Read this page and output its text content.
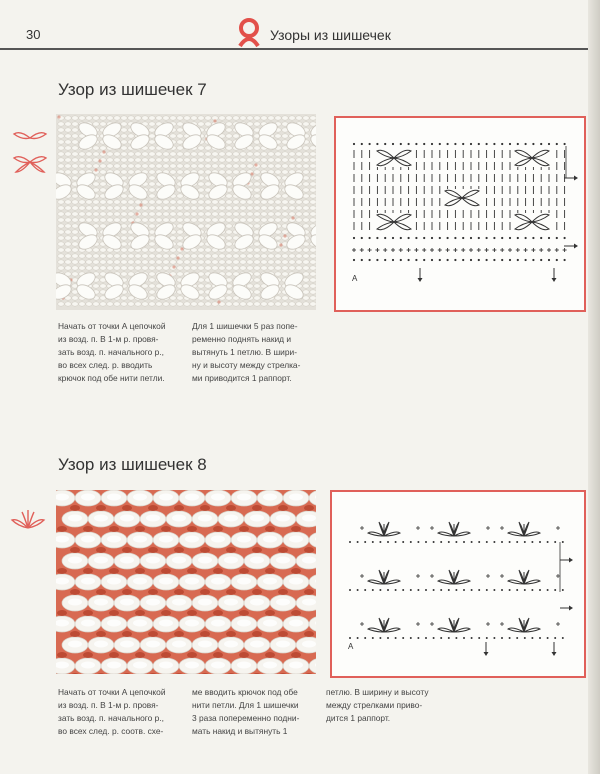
30	Узоры из шишечек
Узор из шишечек 7
A
Начать от точки А цепочкой
из возд. п. В 1-м р. провя-
зать возд. п. начального р.,
во всех след. р. вводить
крючок под обе нити петли.
Для 1 шишечки 5 раз попе-
ременно поднять накид и
вытянуть 1 петлю. В шири-
ну и высоту между стрелка-
ми приводится 1 раппорт.
Узор из шишечек 8
A
Начать от точки А цепочкой
из возд. п. В 1-м р. провя-
зать возд. п. начального р.,
во всех след. р. соотв. схе-
ме вводить крючок под обе
нити петли. Для 1 шишечки
3 раза попеременно подни-
мать накид и вытянуть 1
петлю. В ширину и высоту
между стрелками приво-
дится 1 раппорт.
